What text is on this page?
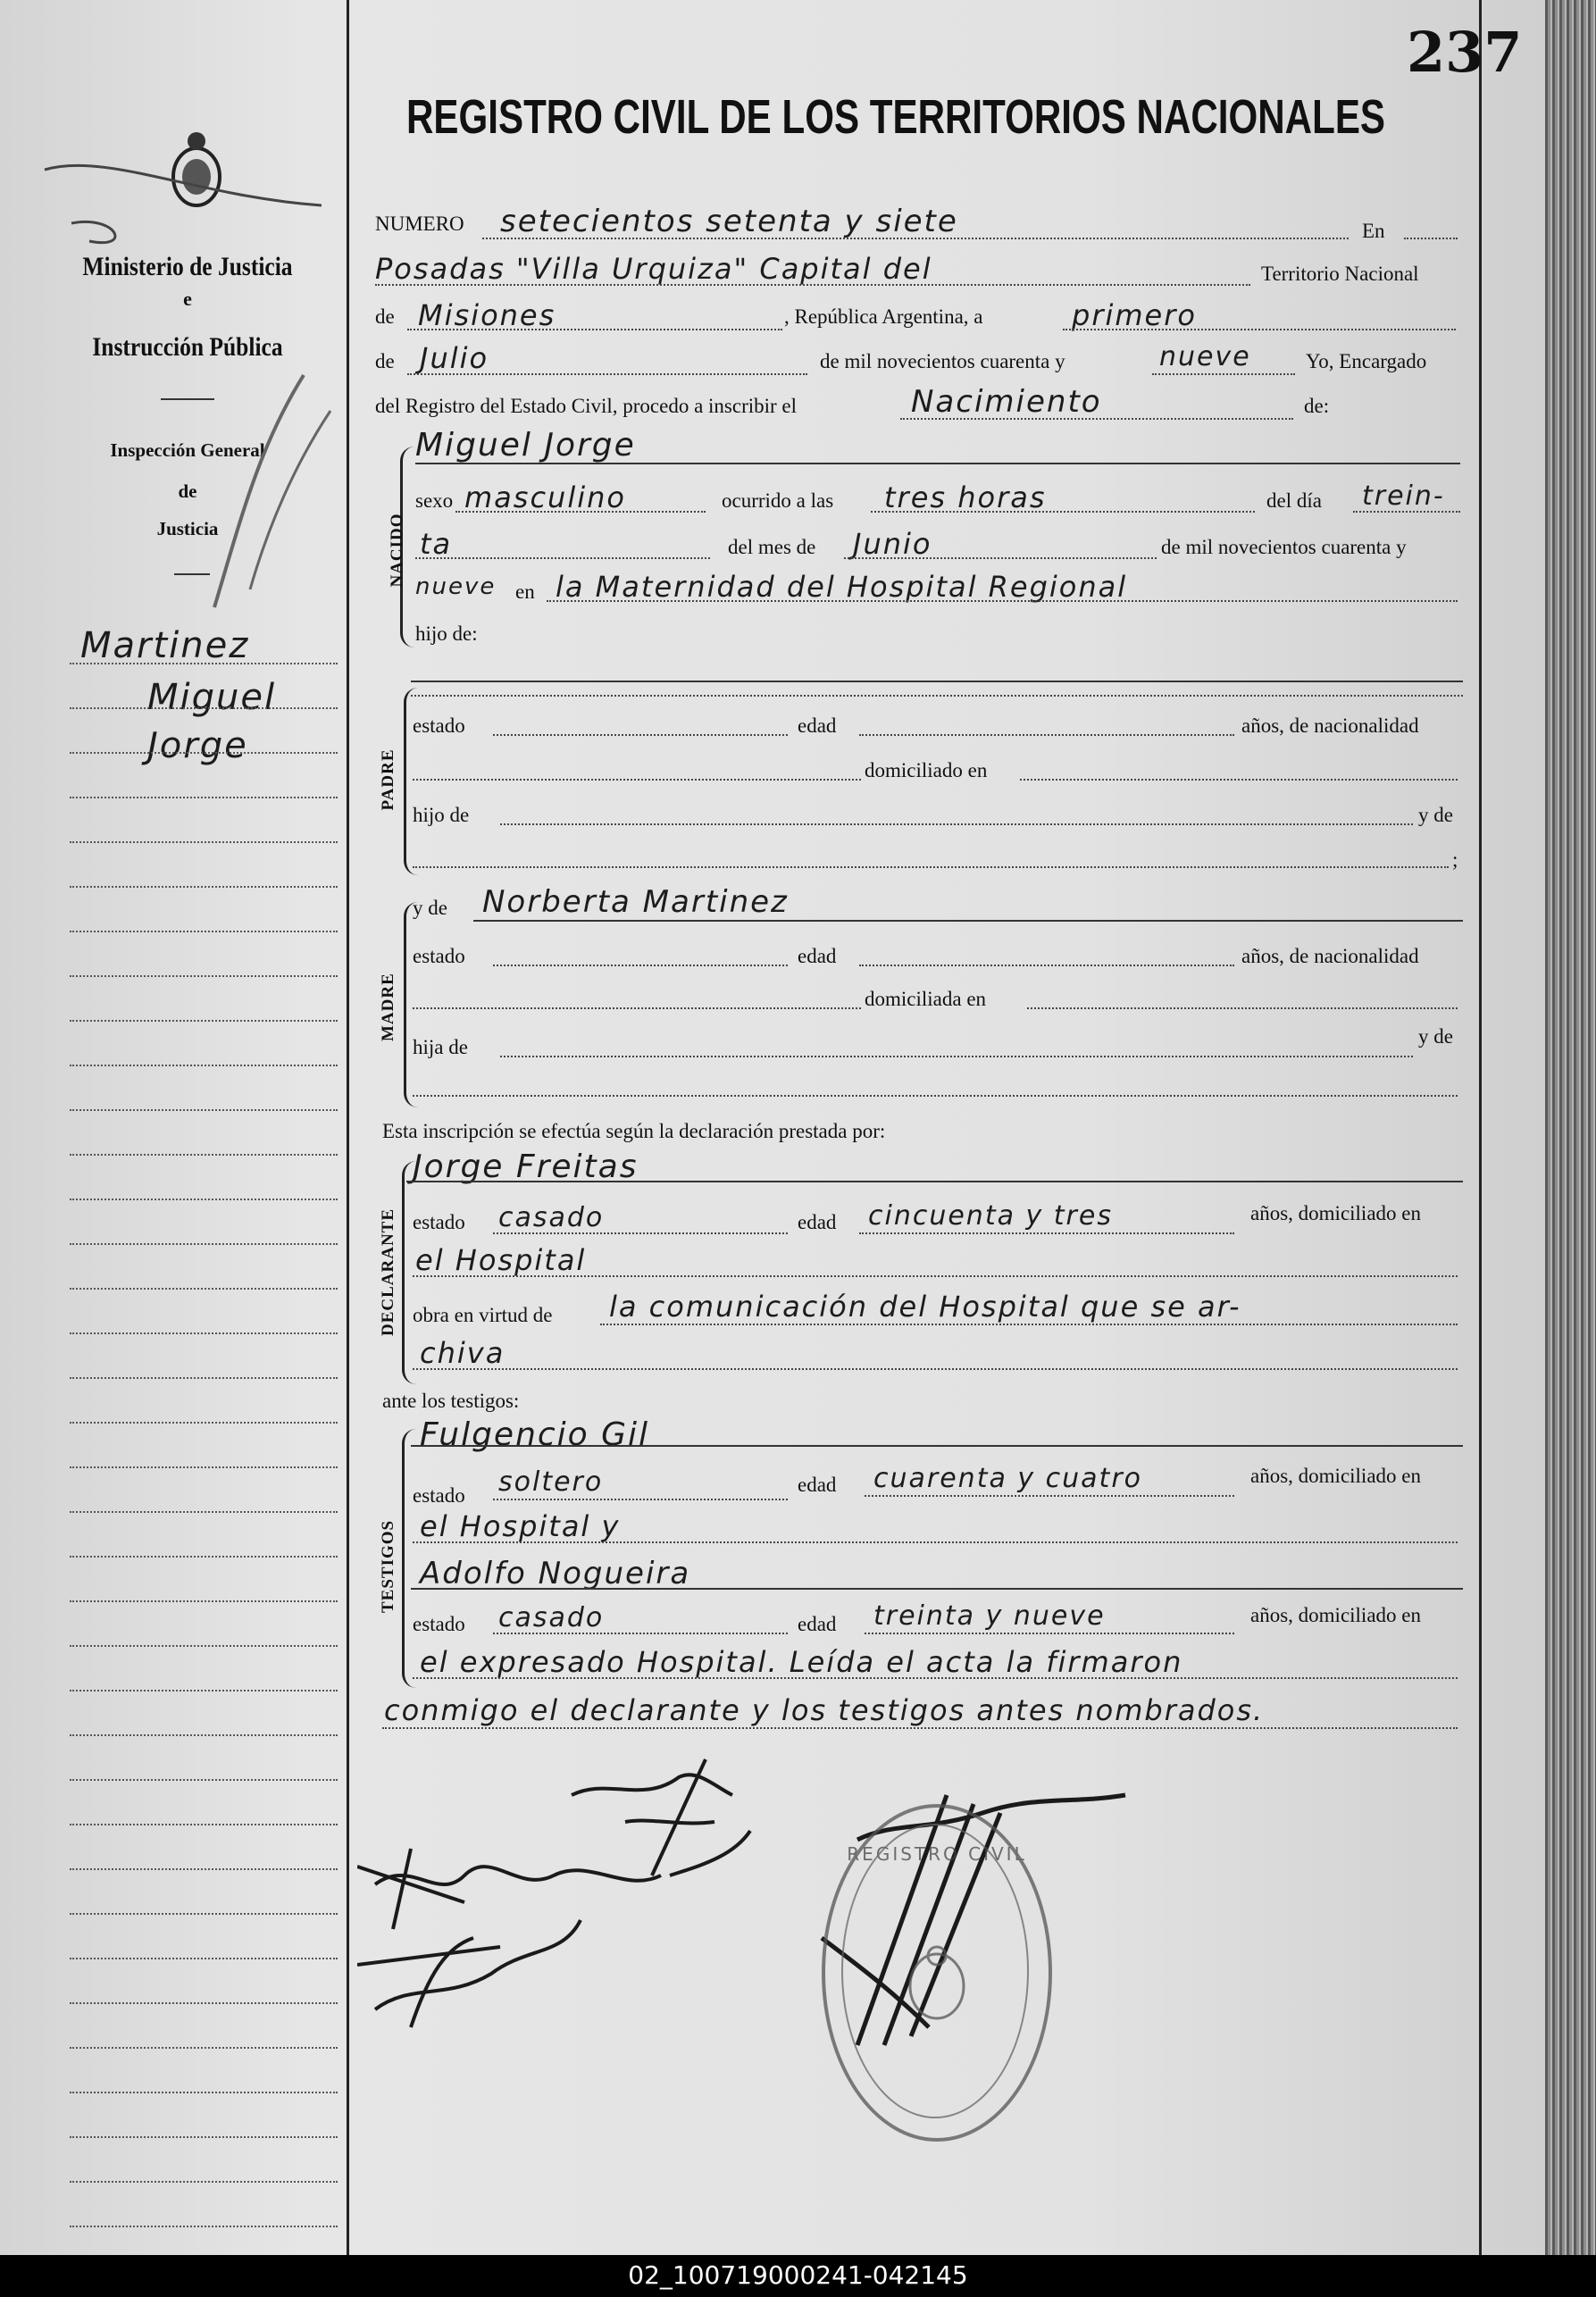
237
REGISTRO CIVIL DE LOS TERRITORIOS NACIONALES
Ministerio de Justicia
e
Instrucción Pública
Inspección General
de
Justicia
Martinez
Miguel
Jorge
NUMERO setecientos setenta y siete	En
Posadas "Villa Urquiza" Capital del	Territorio Nacional
de Misiones	, República Argentina, a	primero
de Julio	de mil novecientos cuarenta y	nueve	Yo, Encargado
del Registro del Estado Civil, procedo a inscribir el	Nacimiento	de:
Miguel Jorge
NACIDO
sexo masculino	ocurrido a las tres horas	del día trein-
ta	del mes de Junio	de mil novecientos cuarenta y
nueve en la Maternidad del Hospital Regional
hijo de:
PADRE
estado	edad	años, de nacionalidad
domiciliado en
hijo de	y de
;
y de Norberta Martinez
MADRE
estado	edad	años, de nacionalidad
domiciliada en
hija de	y de
Esta inscripción se efectúa según la declaración prestada por:
Jorge Freitas
DECLARANTE estado casado	edad cincuenta y tres	años, domiciliado en
el Hospital
obra en virtud de la comunicación del Hospital que se ar-
chiva
ante los testigos:
Fulgencio Gil
TESTIGOS
estado soltero	edad cuarenta y cuatro	años, domiciliado en
el Hospital y
Adolfo Nogueira
estado casado	edad treinta y nueve	años, domiciliado en
el expresado Hospital. Leída el acta la firmaron
conmigo el declarante y los testigos antes nombrados.
REGISTRO CIVIL
02_100719000241-042145
